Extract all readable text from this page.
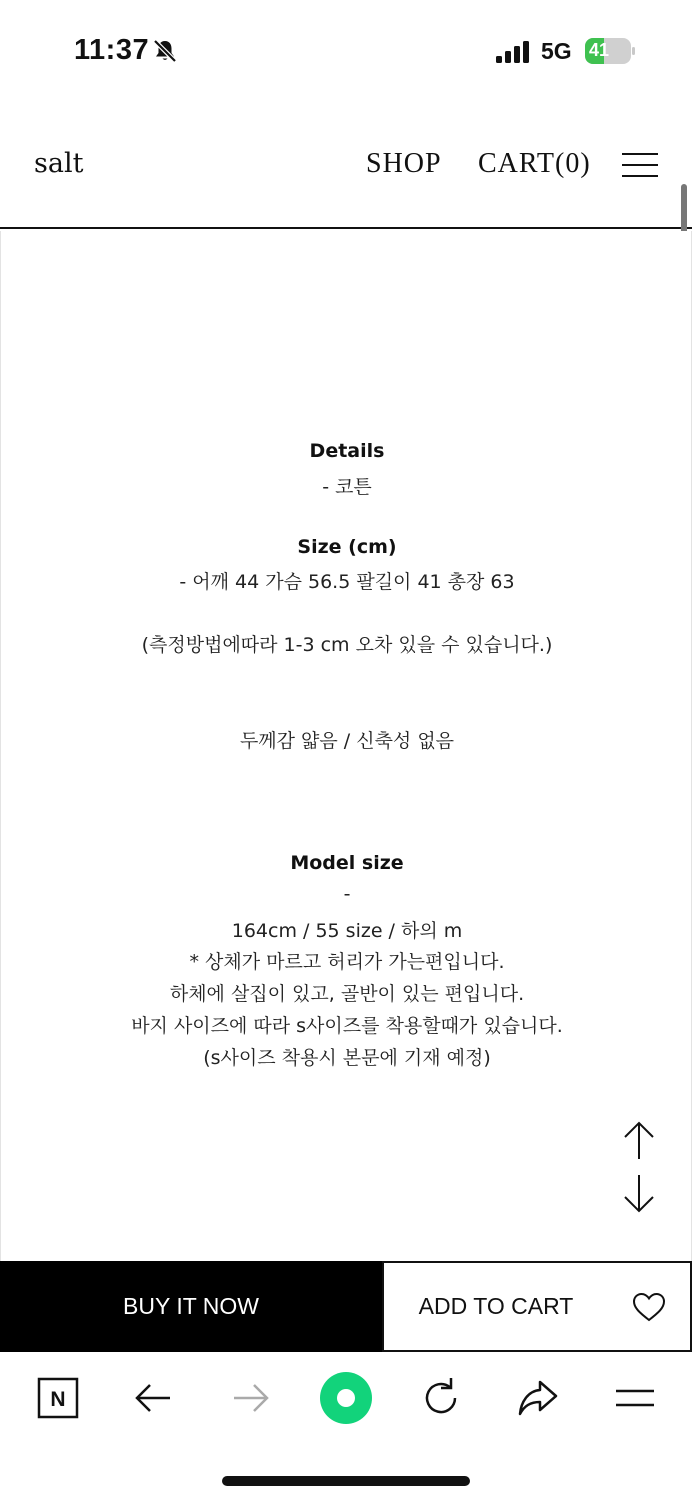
11:37	5G 41
salt	SHOP CART(0)
Details
- 코튼
Size (cm)
- 어깨 44 가슴 56.5 팔길이 41 총장 63
(측정방법에따라 1-3 cm 오차 있을 수 있습니다.)
두께감 얇음 / 신축성 없음
Model size
-
164cm / 55 size / 하의 m
* 상체가 마르고 허리가 가는편입니다.
하체에 살집이 있고, 골반이 있는 편입니다.
바지 사이즈에 따라 s사이즈를 착용할때가 있습니다.
(s사이즈 착용시 본문에 기재 예정)
BUY IT NOW	ADD TO CART
N
